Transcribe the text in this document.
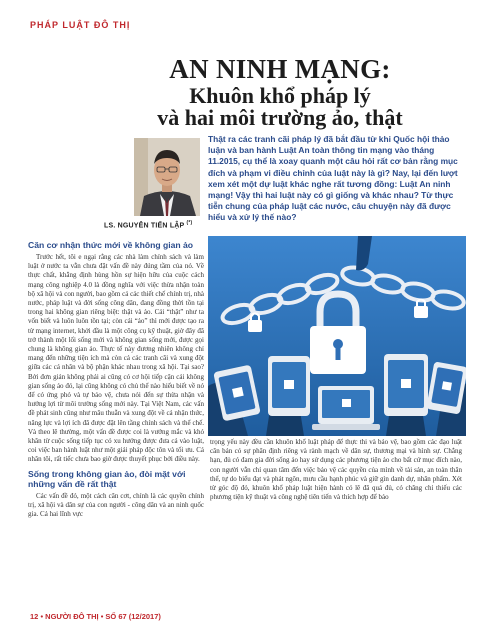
PHÁP LUẬT ĐÔ THỊ
AN NINH MẠNG:
Khuôn khổ pháp lý
và hai môi trường ảo, thật
LS. NGUYỄN TIẾN LẬP (*)
Thật ra các tranh cãi pháp lý đã bắt đầu từ khi Quốc hội thảo luận và ban hành Luật An toàn thông tin mạng vào tháng 11.2015, cụ thể là xoay quanh một câu hỏi rất cơ bản rằng mục đích và phạm vi điều chỉnh của luật này là gì? Nay, lại đến lượt xem xét một dự luật khác nghe rất tương đồng: Luật An ninh mạng! Vậy thì hai luật này có gì giống và khác nhau? Từ thực tiễn chung của pháp luật các nước, câu chuyện này đã được hiểu và xử lý thế nào?
Căn cơ nhận thức mới về không gian ảo

Trước hết, tôi e ngại rằng các nhà làm chính sách và làm luật ở nước ta vẫn chưa đặt vấn đề này đúng tầm của nó. Về thực chất, khẳng định hùng hồn sự hiện hữu của cuộc cách mạng công nghiệp 4.0 là đồng nghĩa với việc thừa nhận toàn bộ xã hội và con người, bao gồm cả các thiết chế chính trị, nhà nước, pháp luật và đời sống công dân, đang đồng thời tồn tại trong hai không gian riêng biệt: thật và ảo. Cái “thật” như ta vốn biết và luôn luôn tồn tại; còn cái “ảo” thì mới được tạo ra từ mạng internet, khởi đầu là một công cụ kỹ thuật, giờ đây đã trở thành một lối sống mới và không gian sống mới, được gọi chung là không gian ảo. Thực tế này đương nhiên không chỉ mang đến những tiện ích mà còn cả các tranh cãi và xung đột giữa các cá nhân và bộ phận khác nhau trong xã hội. Tại sao? Bởi đơn giản không phải ai cũng có cơ hội tiếp cận cái không gian sống ảo đó, lại cũng không có chủ thể nào hiểu biết về nó để có ứng phó và tự bảo vệ, chưa nói đến sự thừa nhận và hưởng lợi từ môi trường sống mới này. Tại Việt Nam, các vấn đề phát sinh cũng như mâu thuẫn và xung đột về cả nhận thức, năng lực và lợi ích đã được đặt lên tầng chính sách và thể chế. Và theo lẽ thường, một vấn đề được coi là vướng mắc và khó khăn từ cuộc sống tiếp tục có xu hướng được đưa cả vào luật, coi việc ban hành luật như một giải pháp độc tôn và tối ưu. Cá nhân tôi, rất tiếc chưa bao giờ được thuyết phục bởi điều này.

Sống trong không gian ảo, đòi mặt với những vấn đề rất thật

Các vấn đề đó, một cách căn cơt, chính là các quyền chính trị, xã hội và dân sự của con người - công dân và an ninh quốc gia. Cả hai lĩnh vực

trọng yếu này đều cần khuôn khổ luật pháp để thực thi và bảo vệ, bao gồm các đạo luật căn bản có sự phân định riêng và rành mạch về dân sự, thương mại và hình sự. Chẳng hạn, đủ có đam gia đời sống ảo hay sử dụng các phương tiện ảo cho bất cứ mục đích nào, con người vẫn chỉ quan tâm đến việc bảo vệ các quyền của mình về tài sản, an toàn thân thể, tự do biểu đạt và phát ngôn, mưu cầu hạnh phúc và giữ gìn danh dự, nhân phẩm. Xét từ góc độ đó, khuôn khổ pháp luật hiện hành có lẽ đã quá đủ, có chăng chỉ thiếu các phương tiện kỹ thuật và công nghệ tiên tiến và thích hợp để bảo
12 • NGƯỜI ĐÔ THỊ • SỐ 67 (12/2017)
